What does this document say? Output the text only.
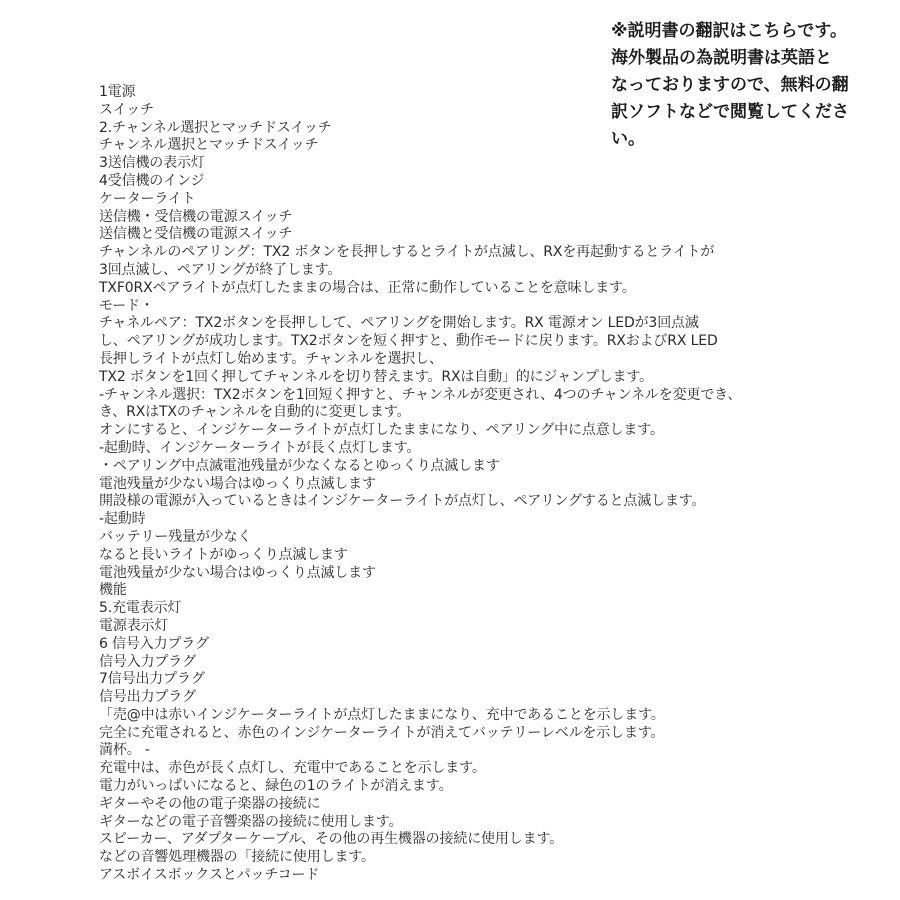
※説明書の翻訳はこちらです。
海外製品の為説明書は英語と
なっておりますので、無料の翻
訳ソフトなどで閲覧してくださ
い。
1電源
スイッチ
2.チャンネル選択とマッチドスイッチ
チャンネル選択とマッチドスイッチ
3送信機の表示灯
4受信機のインジ
ケーターライト
送信機・受信機の電源スイッチ
送信機と受信機の電源スイッチ
チャンネルのペアリング：TX2 ボタンを長押しするとライトが点滅し、RXを再起動するとライトが
3回点滅し、ペアリングが終了します。
TXF0RXペアライトが点灯したままの場合は、正常に動作していることを意味します。
モード・
チャネルペア：TX2ボタンを長押しして、ペアリングを開始します。RX 電源オン LEDが3回点滅
し、ペアリングが成功します。TX2ボタンを短く押すと、動作モードに戻ります。RXおよびRX LED
長押しライトが点灯し始めます。チャンネルを選択し、
TX2 ボタンを1回く押してチャンネルを切り替えます。RXは自動」的にジャンプします。
-チャンネル選択：TX2ボタンを1回短く押すと、チャンネルが変更され、4つのチャンネルを変更でき、
き、RXはTXのチャンネルを自動的に変更します。
オンにすると、インジケーターライトが点灯したままになり、ペアリング中に点意します。
-起動時、インジケーターライトが長く点灯します。
・ペアリング中点滅電池残量が少なくなるとゆっくり点滅します
電池残量が少ない場合はゆっくり点滅します
開設様の電源が入っているときはインジケーターライトが点灯し、ペアリングすると点滅します。
-起動時
バッテリー残量が少なく
なると長いライトがゆっくり点滅します
電池残量が少ない場合はゆっくり点滅します
機能
5.充電表示灯
電源表示灯
6 信号入力プラグ
信号入力プラグ
7信号出力プラグ
信号出力プラグ
「売@中は赤いインジケーターライトが点灯したままになり、充中であることを示します。
完全に充電されると、赤色のインジケーターライトが消えてバッテリーレベルを示します。
満杯。 -
充電中は、赤色が長く点灯し、充電中であることを示します。
電力がいっぱいになると、緑色の1のライトが消えます。
ギターやその他の電子楽器の接続に
ギターなどの電子音響楽器の接続に使用します。
スピーカー、アダプターケーブル、その他の再生機器の接続に使用します。
などの音響処理機器の「接続に使用します。
アスボイスボックスとパッチコード
